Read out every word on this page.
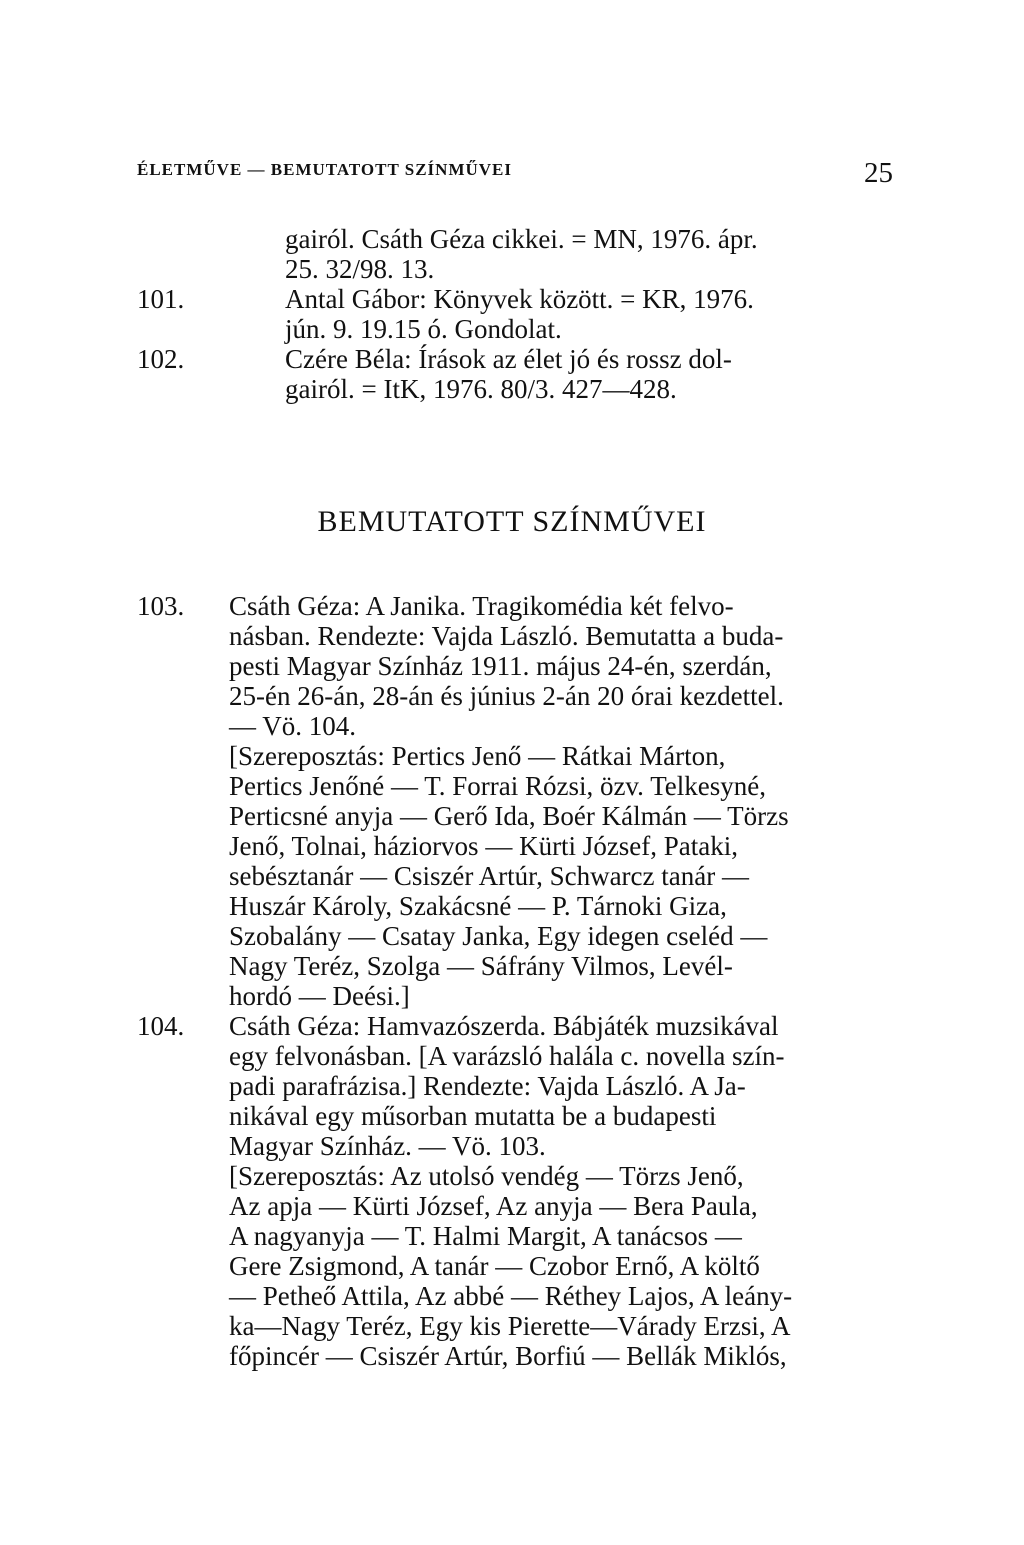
ÉLETMŰVE — BEMUTATOTT SZÍNMŰVEI	25
gairól. Csáth Géza cikkei. = MN, 1976. ápr.
25. 32/98. 13.
101.	Antal Gábor: Könyvek között. = KR, 1976.
jún. 9. 19.15 ó. Gondolat.
102.	Czére Béla: Írások az élet jó és rossz dol-
gairól. = ItK, 1976. 80/3. 427—428.
BEMUTATOTT SZÍNMŰVEI
103. Csáth Géza: A Janika. Tragikomédia két felvo-
násban. Rendezte: Vajda László. Bemutatta a buda-
pesti Magyar Színház 1911. május 24-én, szerdán,
25-én 26-án, 28-án és június 2-án 20 órai kezdettel.
— Vö. 104.
[Szereposztás: Pertics Jenő — Rátkai Márton,
Pertics Jenőné — T. Forrai Rózsi, özv. Telkesyné,
Perticsné anyja — Gerő Ida, Boér Kálmán — Törzs
Jenő, Tolnai, háziorvos — Kürti József, Pataki,
sebésztanár — Csiszér Artúr, Schwarcz tanár —
Huszár Károly, Szakácsné — P. Tárnoki Giza,
Szobalány — Csatay Janka, Egy idegen cseléd —
Nagy Teréz, Szolga — Sáfrány Vilmos, Levél-
hordó — Deési.]
104. Csáth Géza: Hamvazószerda. Bábjáték muzsikával
egy felvonásban. [A varázsló halála c. novella szín-
padi parafrázisa.] Rendezte: Vajda László. A Ja-
nikával egy műsorban mutatta be a budapesti
Magyar Színház. — Vö. 103.
[Szereposztás: Az utolsó vendég — Törzs Jenő,
Az apja — Kürti József, Az anyja — Bera Paula,
A nagyanyja — T. Halmi Margit, A tanácsos —
Gere Zsigmond, A tanár — Czobor Ernő, A költő
— Petheő Attila, Az abbé — Réthey Lajos, A leány-
ka—Nagy Teréz, Egy kis Pierette—Várady Erzsi, A
főpincér — Csiszér Artúr, Borfiú — Bellák Miklós,
